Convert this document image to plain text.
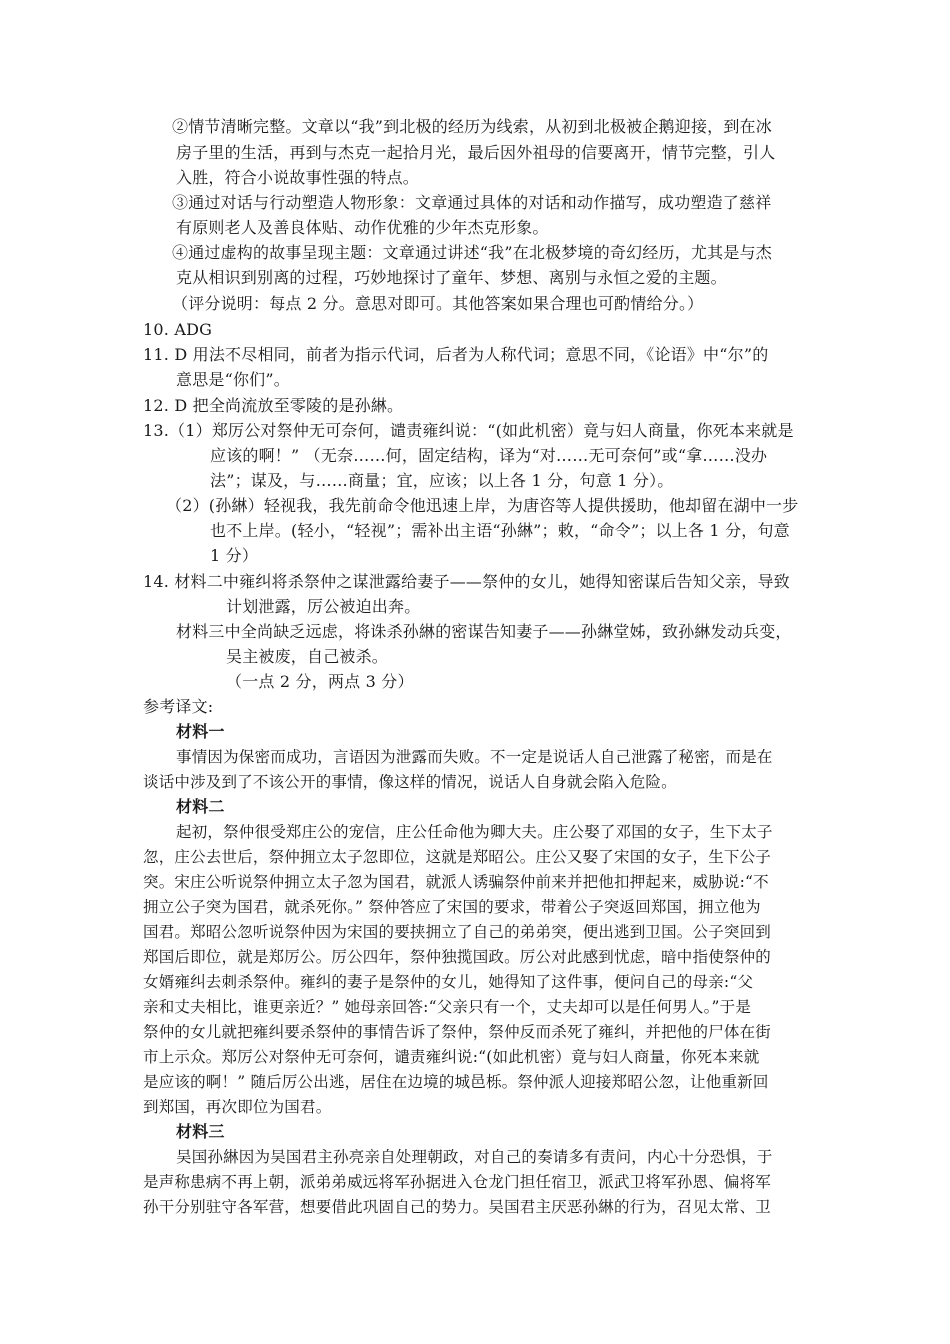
②情节清晰完整。文章以“我”到北极的经历为线索，从初到北极被企鹅迎接，到在冰
房子里的生活，再到与杰克一起拾月光，最后因外祖母的信要离开，情节完整，引人
入胜，符合小说故事性强的特点。
③通过对话与行动塑造人物形象：文章通过具体的对话和动作描写，成功塑造了慈祥
有原则老人及善良体贴、动作优雅的少年杰克形象。
④通过虚构的故事呈现主题：文章通过讲述“我”在北极梦境的奇幻经历，尤其是与杰
克从相识到别离的过程，巧妙地探讨了童年、梦想、离别与永恒之爱的主题。
（评分说明：每点 2 分。意思对即可。其他答案如果合理也可酌情给分。）
10. ADG
11. D 用法不尽相同，前者为指示代词，后者为人称代词；意思不同，《论语》中“尔”的
意思是“你们”。
12. D 把全尚流放至零陵的是孙綝。
13.（1）郑厉公对祭仲无可奈何，谴责雍纠说：“(如此机密）竟与妇人商量，你死本来就是
应该的啊！” （无奈……何，固定结构，译为“对……无可奈何”或“拿……没办
法”；谋及，与……商量；宜，应该；以上各 1 分，句意 1 分）。
（2）(孙綝）轻视我，我先前命令他迅速上岸，为唐咨等人提供援助，他却留在湖中一步
也不上岸。(轻小，“轻视”；需补出主语“孙綝”；敕，“命令”；以上各 1 分，句意
1 分）
14. 材料二中雍纠将杀祭仲之谋泄露给妻子——祭仲的女儿，她得知密谋后告知父亲，导致
计划泄露，厉公被迫出奔。
材料三中全尚缺乏远虑，将诛杀孙綝的密谋告知妻子——孙綝堂姊，致孙綝发动兵变，
吴主被废，自己被杀。
（一点 2 分，两点 3 分）
参考译文:
材料一
事情因为保密而成功，言语因为泄露而失败。不一定是说话人自己泄露了秘密，而是在
谈话中涉及到了不该公开的事情，像这样的情况，说话人自身就会陷入危险。
材料二
起初，祭仲很受郑庄公的宠信，庄公任命他为卿大夫。庄公娶了邓国的女子，生下太子
忽，庄公去世后，祭仲拥立太子忽即位，这就是郑昭公。庄公又娶了宋国的女子，生下公子
突。宋庄公听说祭仲拥立太子忽为国君，就派人诱骗祭仲前来并把他扣押起来，威胁说:“不
拥立公子突为国君，就杀死你。” 祭仲答应了宋国的要求，带着公子突返回郑国，拥立他为
国君。郑昭公忽听说祭仲因为宋国的要挟拥立了自己的弟弟突，便出逃到卫国。公子突回到
郑国后即位，就是郑厉公。厉公四年，祭仲独揽国政。厉公对此感到忧虑，暗中指使祭仲的
女婿雍纠去刺杀祭仲。雍纠的妻子是祭仲的女儿，她得知了这件事，便问自己的母亲:“父
亲和丈夫相比，谁更亲近？” 她母亲回答:“父亲只有一个，丈夫却可以是任何男人。”于是
祭仲的女儿就把雍纠要杀祭仲的事情告诉了祭仲，祭仲反而杀死了雍纠，并把他的尸体在街
市上示众。郑厉公对祭仲无可奈何，谴责雍纠说:“(如此机密）竟与妇人商量，你死本来就
是应该的啊！” 随后厉公出逃，居住在边境的城邑栎。祭仲派人迎接郑昭公忽，让他重新回
到郑国，再次即位为国君。
材料三
吴国孙綝因为吴国君主孙亮亲自处理朝政，对自己的奏请多有责问，内心十分恐惧，于
是声称患病不再上朝，派弟弟威远将军孙据进入仓龙门担任宿卫，派武卫将军孙恩、偏将军
孙干分别驻守各军营，想要借此巩固自己的势力。吴国君主厌恶孙綝的行为，召见太常、卫
